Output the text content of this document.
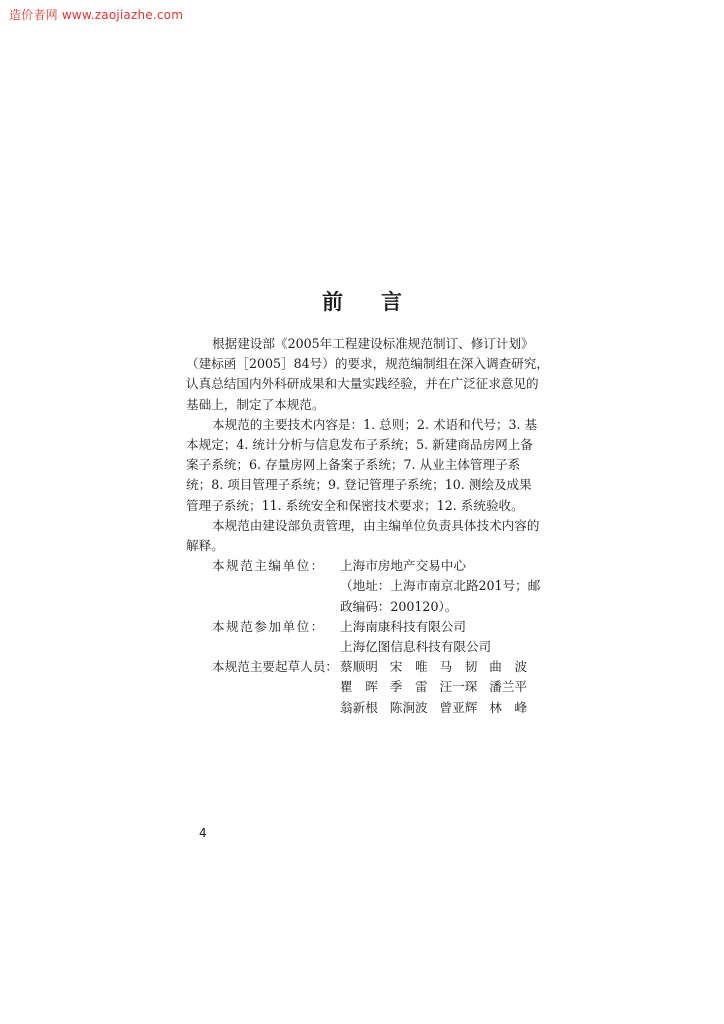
造价者网 www.zaojiazhe.com
前言

根据建设部《2005年工程建设标准规范制订、修订计划》
（建标函［2005］84号）的要求，规范编制组在深入调查研究，
认真总结国内外科研成果和大量实践经验，并在广泛征求意见的
基础上，制定了本规范。

本规范的主要技术内容是：1. 总则；2. 术语和代号；3. 基
本规定；4. 统计分析与信息发布子系统；5. 新建商品房网上备
案子系统；6. 存量房网上备案子系统；7. 从业主体管理子系
统；8. 项目管理子系统；9. 登记管理子系统；10. 测绘及成果
管理子系统；11. 系统安全和保密技术要求；12. 系统验收。

本规范由建设部负责管理，由主编单位负责具体技术内容的
解释。

本规范主编单位：	上海市房地产交易中心
（地址：上海市南京北路201号；邮
政编码：200120）。
本规范参加单位：	上海南康科技有限公司
上海亿图信息科技有限公司
本规范主要起草人员： 蔡顺明 宋　唯 马　韧 曲　波
瞿　晖 季　雷 汪一琛 潘兰平
翁新根 陈涧波 曾亚辉 林　峰
4
